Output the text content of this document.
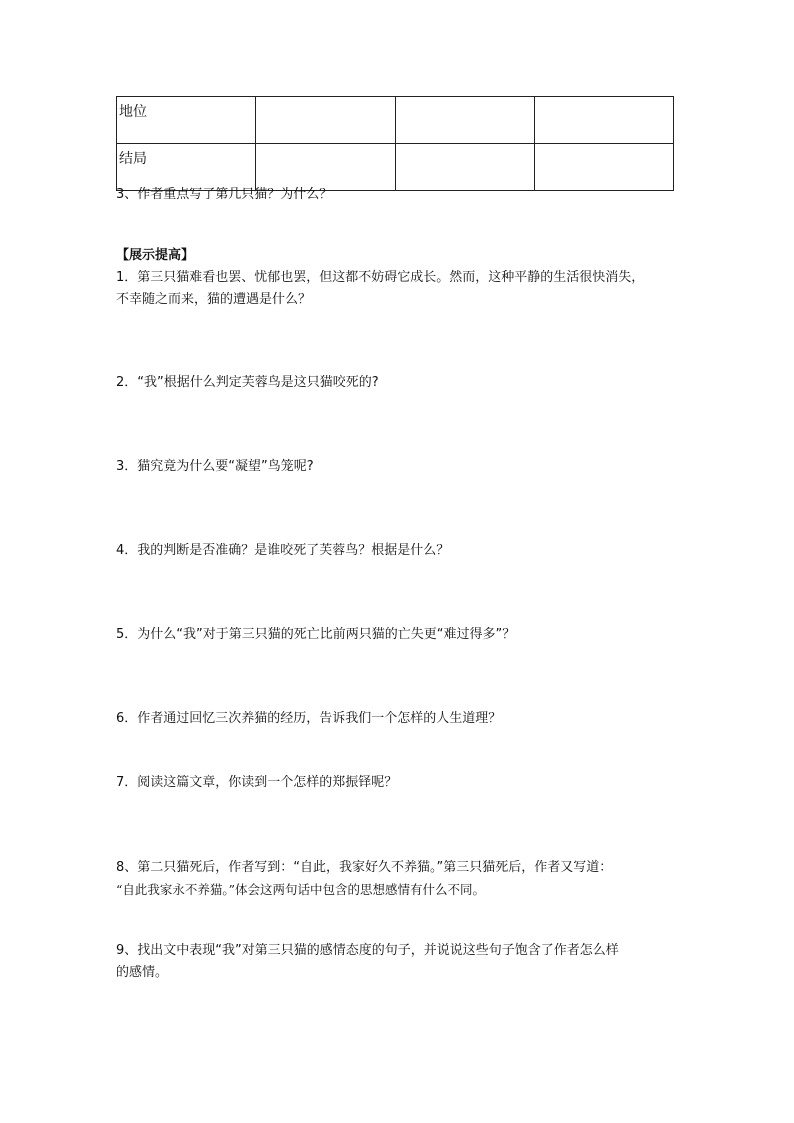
地位			
结局			
3、作者重点写了第几只猫？为什么？
【展示提高】
1．第三只猫难看也罢、忧郁也罢，但这都不妨碍它成长。然而，这种平静的生活很快消失，
不幸随之而来，猫的遭遇是什么？
2．“我”根据什么判定芙蓉鸟是这只猫咬死的?
3．猫究竟为什么要“凝望”鸟笼呢?
4．我的判断是否准确？是谁咬死了芙蓉鸟？根据是什么？
5．为什么“我”对于第三只猫的死亡比前两只猫的亡失更“难过得多”？
6．作者通过回忆三次养猫的经历，告诉我们一个怎样的人生道理？
7．阅读这篇文章，你读到一个怎样的郑振铎呢？
8、第二只猫死后，作者写到：“自此，我家好久不养猫。”第三只猫死后，作者又写道：
“自此我家永不养猫。”体会这两句话中包含的思想感情有什么不同。
9、找出文中表现“我”对第三只猫的感情态度的句子，并说说这些句子饱含了作者怎么样
的感情。
